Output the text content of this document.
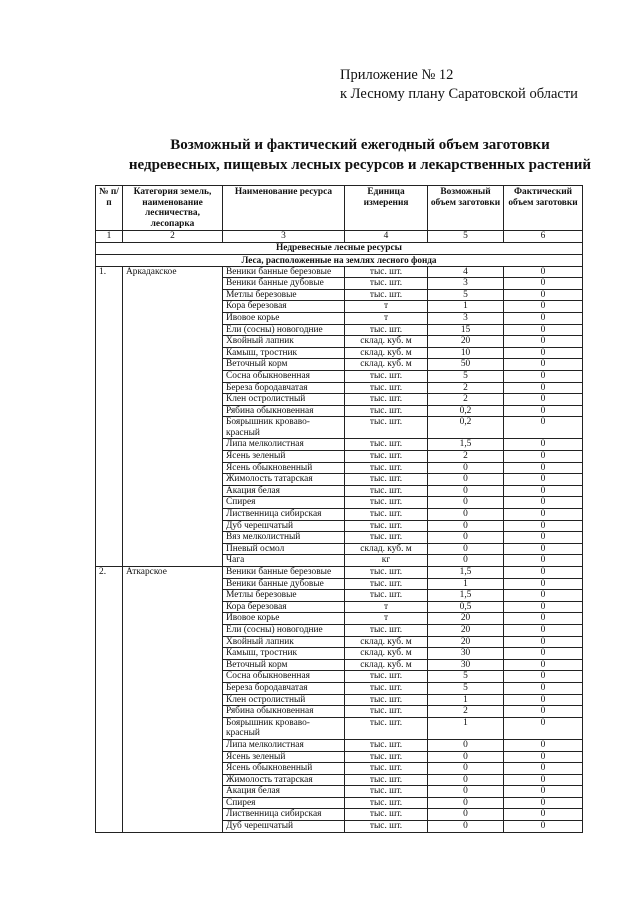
Приложение № 12
к Лесному плану Саратовской области
Возможный и фактический ежегодный объем заготовки
недревесных, пищевых лесных ресурсов и лекарственных растений
№ п/п	Категория земель, наименование лесничества, лесопарка	Наименование ресурса	Единица измерения	Возможный объем заготовки	Фактический объем заготовки
1	2	3	4	5	6
Недревесные лесные ресурсы					
Леса, расположенные на землях лесного фонда					
1.	Аркадакское	Веники банные березовые	тыс. шт.	4	0
		Веники банные дубовые	тыс. шт.	3	0
		Метлы березовые	тыс. шт.	5	0
		Кора березовая	т	1	0
		Ивовое корье	т	3	0
		Ели (сосны) новогодние	тыс. шт.	15	0
		Хвойный лапник	склад. куб. м	20	0
		Камыш, тростник	склад. куб. м	10	0
		Веточный корм	склад. куб. м	50	0
		Сосна обыкновенная	тыс. шт.	5	0
		Береза бородавчатая	тыс. шт.	2	0
		Клен остролистный	тыс. шт.	2	0
		Рябина обыкновенная	тыс. шт.	0,2	0
		Боярышник кроваво-красный	тыс. шт.	0,2	0
		Липа мелколистная	тыс. шт.	1,5	0
		Ясень зеленый	тыс. шт.	2	0
		Ясень обыкновенный	тыс. шт.	0	0
		Жимолость татарская	тыс. шт.	0	0
		Акация белая	тыс. шт.	0	0
		Спирея	тыс. шт.	0	0
		Лиственница сибирская	тыс. шт.	0	0
		Дуб черешчатый	тыс. шт.	0	0
		Вяз мелколистный	тыс. шт.	0	0
		Пневый осмол	склад. куб. м	0	0
		Чага	кг	0	0
2.	Аткарское	Веники банные березовые	тыс. шт.	1,5	0
		Веники банные дубовые	тыс. шт.	1	0
		Метлы березовые	тыс. шт.	1,5	0
		Кора березовая	т	0,5	0
		Ивовое корье	т	20	0
		Ели (сосны) новогодние	тыс. шт.	20	0
		Хвойный лапник	склад. куб. м	20	0
		Камыш, тростник	склад. куб. м	30	0
		Веточный корм	склад. куб. м	30	0
		Сосна обыкновенная	тыс. шт.	5	0
		Береза бородавчатая	тыс. шт.	5	0
		Клен остролистный	тыс. шт.	1	0
		Рябина обыкновенная	тыс. шт.	2	0
		Боярышник кроваво-красный	тыс. шт.	1	0
		Липа мелколистная	тыс. шт.	0	0
		Ясень зеленый	тыс. шт.	0	0
		Ясень обыкновенный	тыс. шт.	0	0
		Жимолость татарская	тыс. шт.	0	0
		Акация белая	тыс. шт.	0	0
		Спирея	тыс. шт.	0	0
		Лиственница сибирская	тыс. шт.	0	0
		Дуб черешчатый	тыс. шт.	0	0
